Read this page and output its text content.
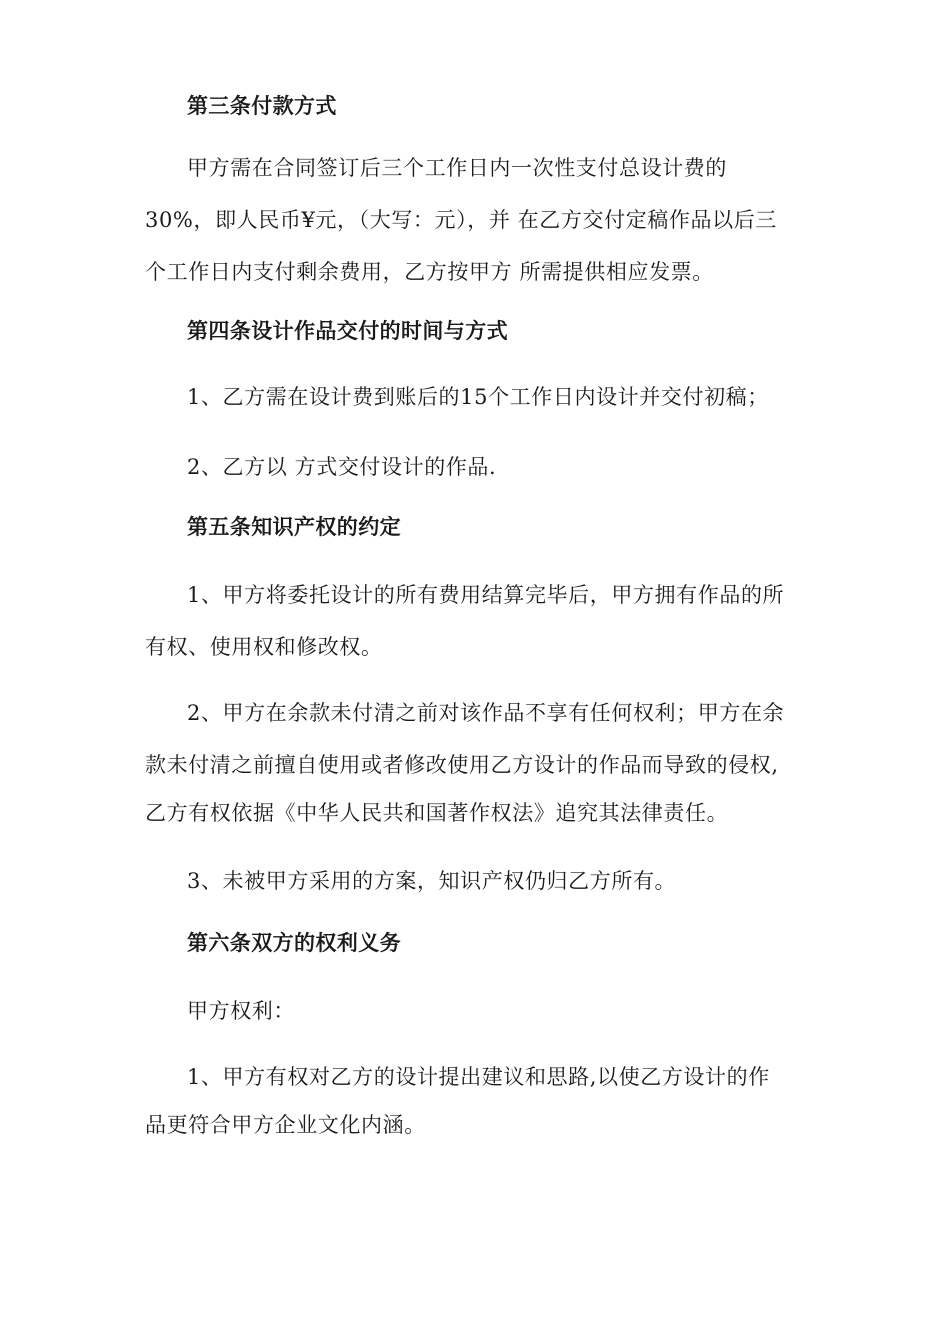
第三条付款方式
甲方需在合同签订后三个工作日内一次性支付总设计费的
30%，即人民币¥元，（大写：元），并 在乙方交付定稿作品以后三
个工作日内支付剩余费用，乙方按甲方 所需提供相应发票。
第四条设计作品交付的时间与方式
1、乙方需在设计费到账后的15个工作日内设计并交付初稿；
2、乙方以 方式交付设计的作品.
第五条知识产权的约定
1、甲方将委托设计的所有费用结算完毕后，甲方拥有作品的所
有权、使用权和修改权。
2、甲方在余款未付清之前对该作品不享有任何权利；甲方在余
款未付清之前擅自使用或者修改使用乙方设计的作品而导致的侵权,
乙方有权依据《中华人民共和国著作权法》追究其法律责任。
3、未被甲方采用的方案，知识产权仍归乙方所有。
第六条双方的权利义务
甲方权利：
1、甲方有权对乙方的设计提出建议和思路,以使乙方设计的作
品更符合甲方企业文化内涵。
